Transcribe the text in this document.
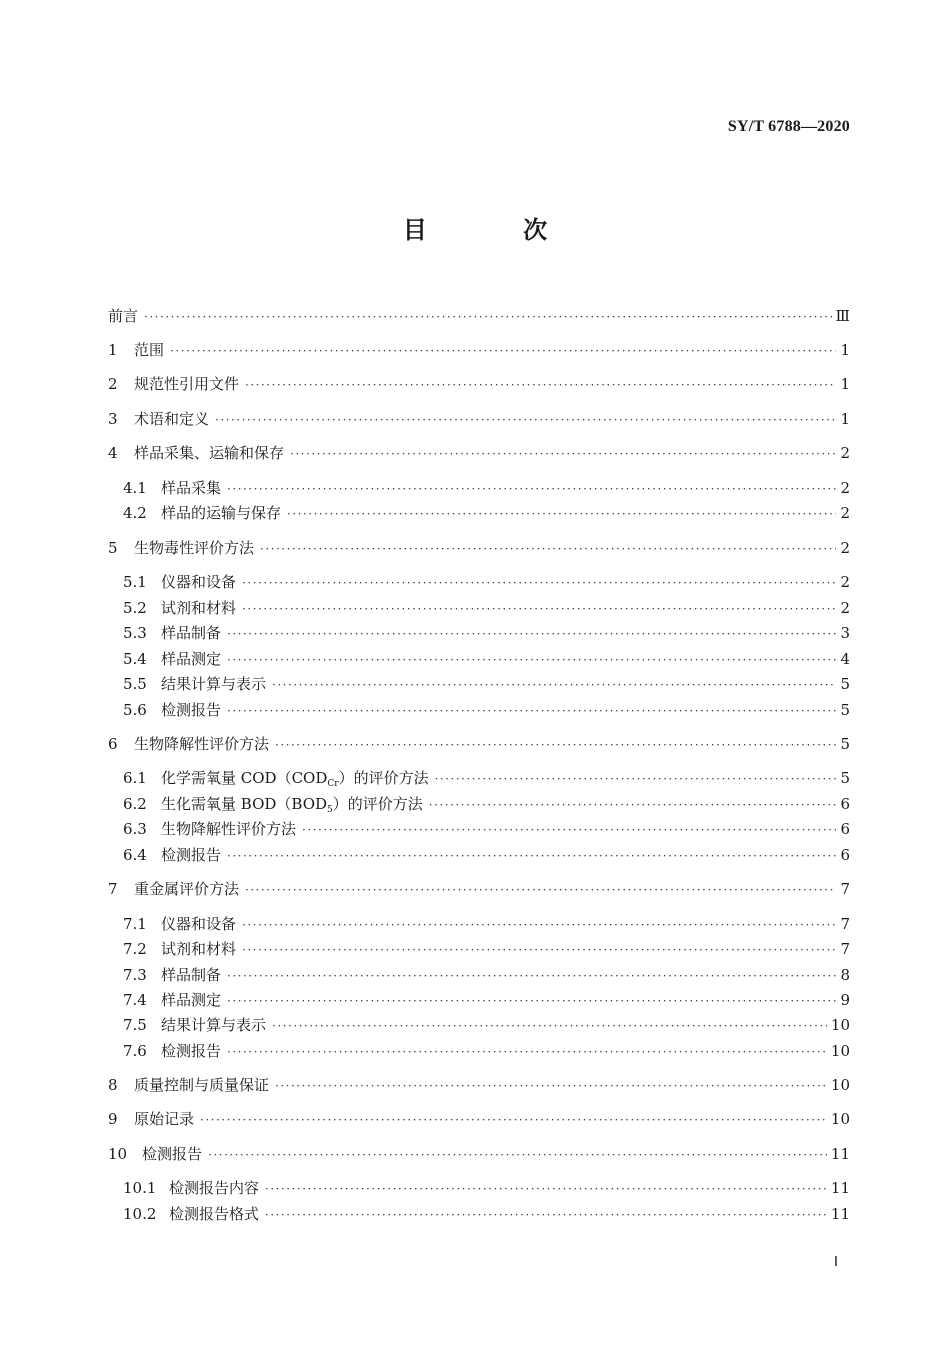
SY/T 6788—2020
目 次
前言 ·····	Ⅲ
1	范围 ·····	1
2	规范性引用文件 ·····	1
3	术语和定义 ·····	1
4	样品采集、运输和保存 ·····	2
4.1 样品采集 ·····	2
4.2 样品的运输与保存 ·····	2
5	生物毒性评价方法 ·····	2
5.1 仪器和设备 ·····	2
5.2 试剂和材料 ·····	2
5.3 样品制备 ·····	3
5.4 样品测定 ·····	4
5.5 结果计算与表示 ·····	5
5.6 检测报告 ·····	5
6	生物降解性评价方法 ·····	5
6.1 化学需氧量 $COD(COD_{Cr})$的评价方法 ·····	5
6.2 生化需氧量 $BOD(BOD_5)$的评价方法 ·····	6
6.3 生物降解性评价方法 ·····	6
6.4 检测报告 ·····	6
7	重金属评价方法 ·····	7
7.1 仪器和设备 ·····	7
7.2 试剂和材料 ·····	7
7.3 样品制备 ·····	8
7.4 样品测定 ·····	9
7.5 结果计算与表示 ·····	10
7.6 检测报告 ·····	10
8	质量控制与质量保证 ·····	10
9	原始记录 ·····	10
10 检测报告 ·····	11
10.1 检测报告内容 ·····	11
10.2 检测报告格式 ·····	11
Ⅰ
